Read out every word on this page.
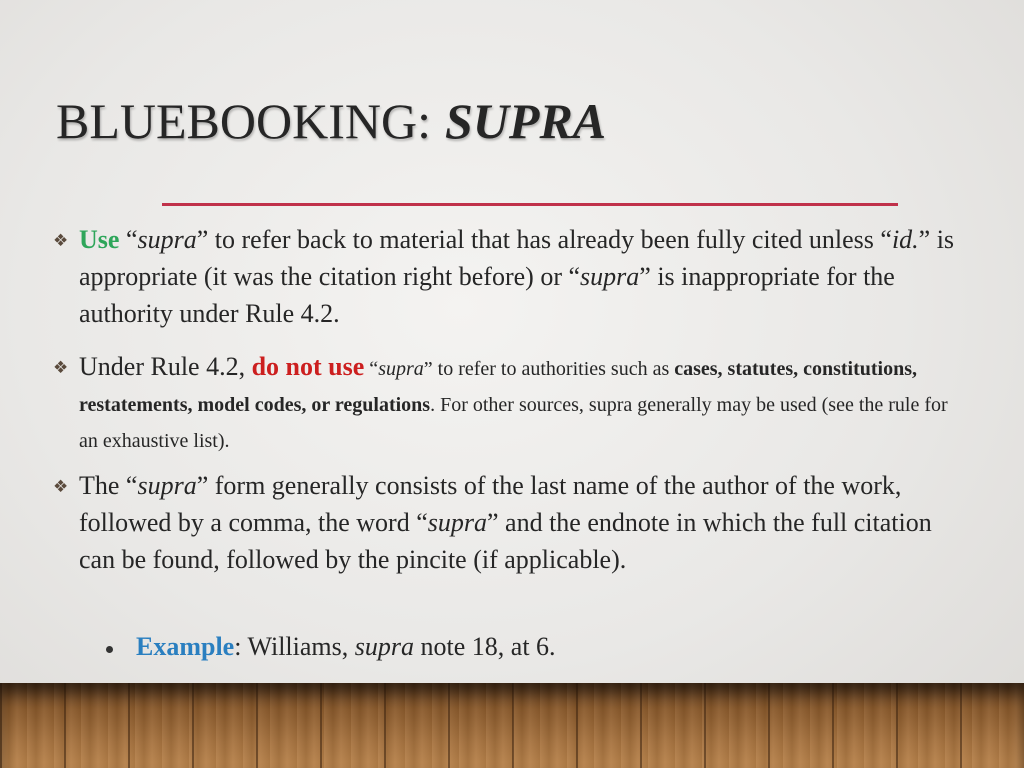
BLUEBOOKING: SUPRA

❖ Use “supra” to refer back to material that has already been fully cited unless “id.” is appropriate (it was the citation right before) or “supra” is inappropriate for the authority under Rule 4.2.

❖ Under Rule 4.2, do not use “supra” to refer to authorities such as cases, statutes, constitutions, restatements, model codes, or regulations. For other sources, supra generally may be used (see the rule for an exhaustive list).

❖ The “supra” form generally consists of the last name of the author of the work, followed by a comma, the word “supra” and the endnote in which the full citation can be found, followed by the pincite (if applicable).

Example: Williams, supra note 18, at 6.
